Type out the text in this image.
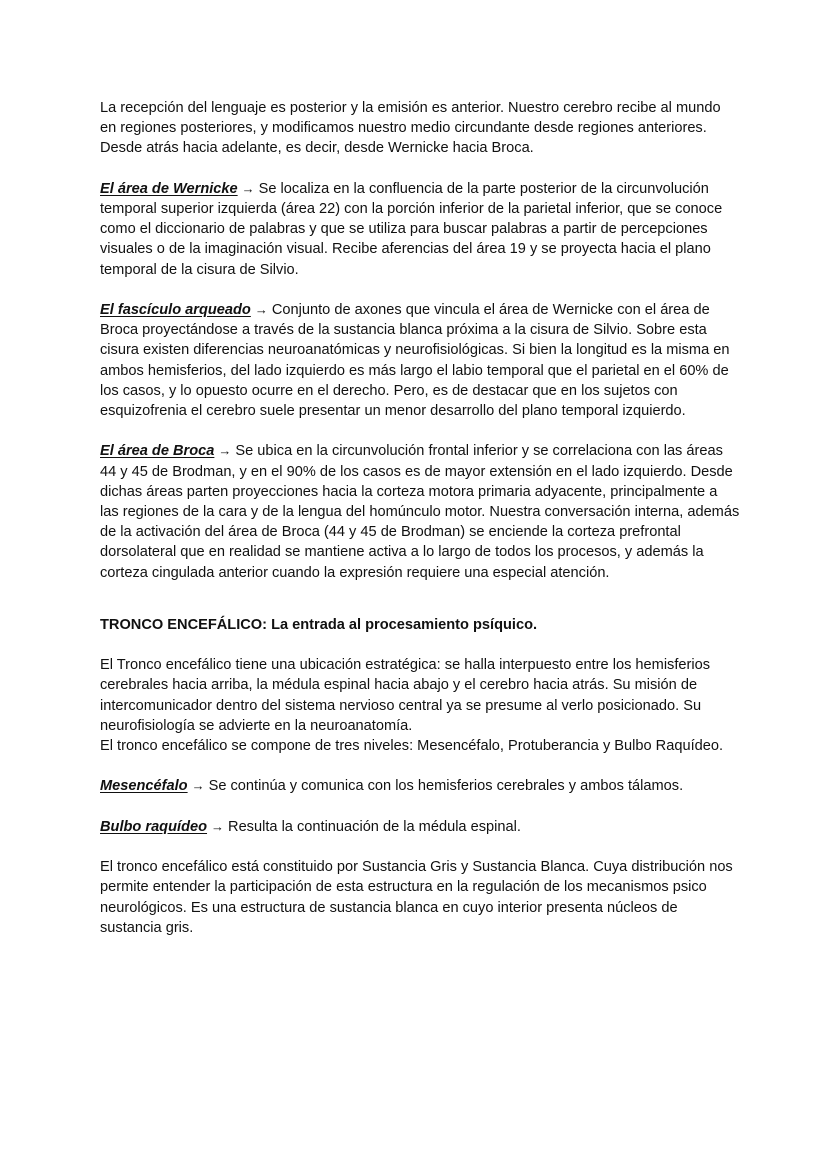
La recepción del lenguaje es posterior y la emisión es anterior. Nuestro cerebro recibe al mundo en regiones posteriores, y modificamos nuestro medio circundante desde regiones anteriores. Desde atrás hacia adelante, es decir, desde Wernicke hacia Broca.

El área de Wernicke → Se localiza en la confluencia de la parte posterior de la circunvolución temporal superior izquierda (área 22) con la porción inferior de la parietal inferior, que se conoce como el diccionario de palabras y que se utiliza para buscar palabras a partir de percepciones visuales o de la imaginación visual. Recibe aferencias del área 19 y se proyecta hacia el plano temporal de la cisura de Silvio.

El fascículo arqueado → Conjunto de axones que vincula el área de Wernicke con el área de Broca proyectándose a través de la sustancia blanca próxima a la cisura de Silvio. Sobre esta cisura existen diferencias neuroanatómicas y neurofisiológicas. Si bien la longitud es la misma en ambos hemisferios, del lado izquierdo es más largo el labio temporal que el parietal en el 60% de los casos, y lo opuesto ocurre en el derecho. Pero, es de destacar que en los sujetos con esquizofrenia el cerebro suele presentar un menor desarrollo del plano temporal izquierdo.

El área de Broca → Se ubica en la circunvolución frontal inferior y se correlaciona con las áreas 44 y 45 de Brodman, y en el 90% de los casos es de mayor extensión en el lado izquierdo. Desde dichas áreas parten proyecciones hacia la corteza motora primaria adyacente, principalmente a las regiones de la cara y de la lengua del homúnculo motor. Nuestra conversación interna, además de la activación del área de Broca (44 y 45 de Brodman) se enciende la corteza prefrontal dorsolateral que en realidad se mantiene activa a lo largo de todos los procesos, y además la corteza cingulada anterior cuando la expresión requiere una especial atención.

TRONCO ENCEFÁLICO: La entrada al procesamiento psíquico.

El Tronco encefálico tiene una ubicación estratégica: se halla interpuesto entre los hemisferios cerebrales hacia arriba, la médula espinal hacia abajo y el cerebro hacia atrás. Su misión de intercomunicador dentro del sistema nervioso central ya se presume al verlo posicionado. Su neurofisiología se advierte en la neuroanatomía.

El tronco encefálico se compone de tres niveles: Mesencéfalo, Protuberancia y Bulbo Raquídeo.

Mesencéfalo → Se continúa y comunica con los hemisferios cerebrales y ambos tálamos.

Bulbo raquídeo → Resulta la continuación de la médula espinal.

El tronco encefálico está constituido por Sustancia Gris y Sustancia Blanca. Cuya distribución nos permite entender la participación de esta estructura en la regulación de los mecanismos psico neurológicos. Es una estructura de sustancia blanca en cuyo interior presenta núcleos de sustancia gris.
